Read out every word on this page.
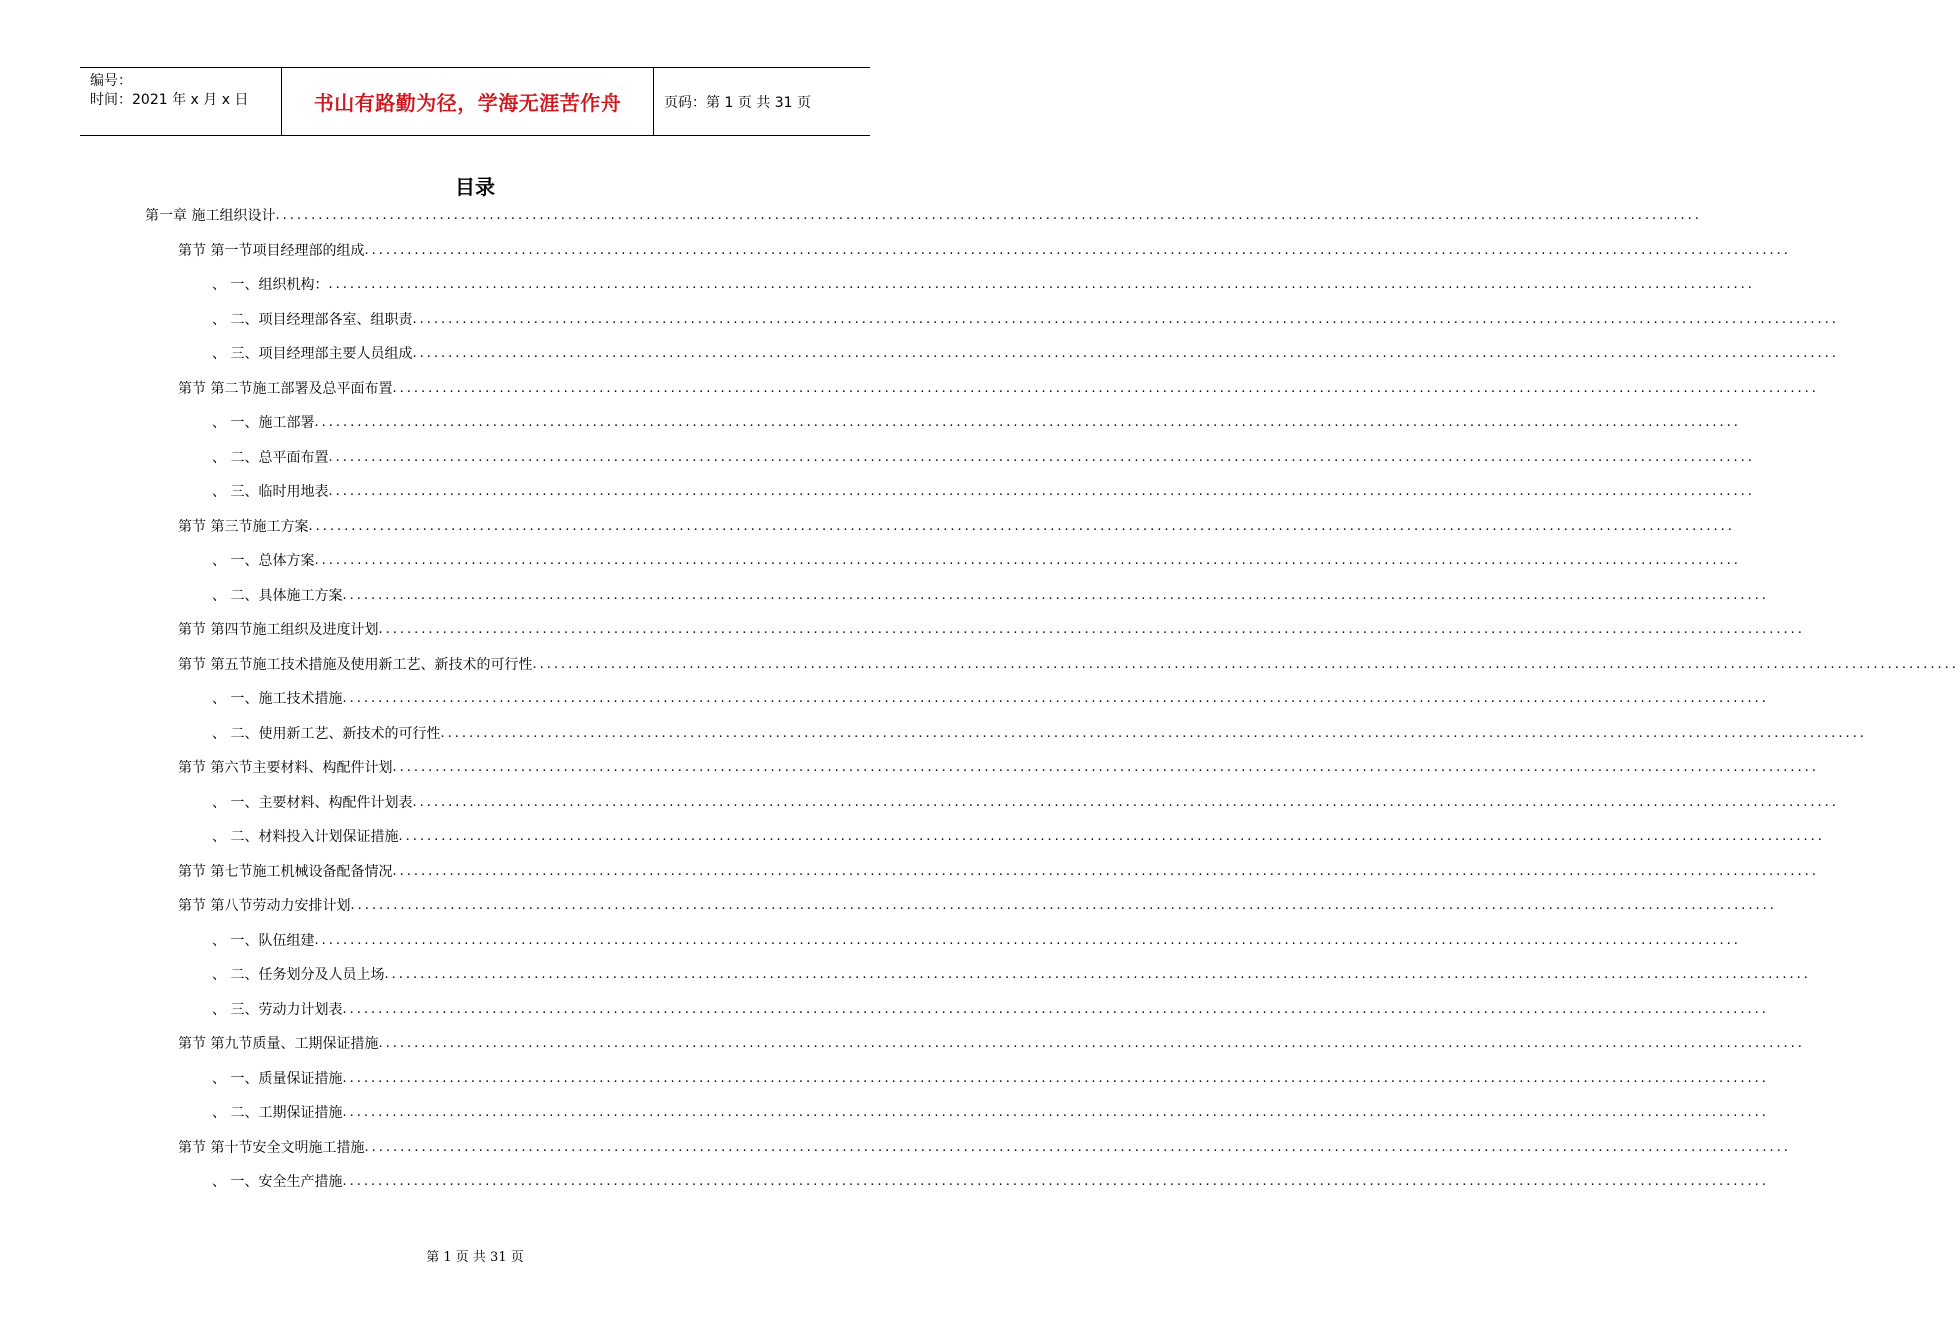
编号：
时间：2021 年 x 月 x 日	书山有路勤为径，学海无涯苦作舟	页码：第 1 页 共 31 页
目录
第一章 施工组织设计 ........................................................................................................................................................................................................
第节 第一节项目经理部的组成 ........................................................................................................................................................................................................
、 一、组织机构： ........................................................................................................................................................................................................
、 二、项目经理部各室、组职责 ........................................................................................................................................................................................................
、 三、项目经理部主要人员组成 ........................................................................................................................................................................................................
第节 第二节施工部署及总平面布置 ........................................................................................................................................................................................................
、 一、施工部署 ........................................................................................................................................................................................................
、 二、总平面布置 ........................................................................................................................................................................................................
、 三、临时用地表 ........................................................................................................................................................................................................
第节 第三节施工方案 ........................................................................................................................................................................................................
、 一、总体方案 ........................................................................................................................................................................................................
、 二、具体施工方案 ........................................................................................................................................................................................................
第节 第四节施工组织及进度计划 ........................................................................................................................................................................................................
第节 第五节施工技术措施及使用新工艺、新技术的可行性 ........................................................................................................................................................................................................
、 一、施工技术措施 ........................................................................................................................................................................................................
、 二、使用新工艺、新技术的可行性 ........................................................................................................................................................................................................
第节 第六节主要材料、构配件计划 ........................................................................................................................................................................................................
、 一、主要材料、构配件计划表 ........................................................................................................................................................................................................
、 二、材料投入计划保证措施 ........................................................................................................................................................................................................
第节 第七节施工机械设备配备情况 ........................................................................................................................................................................................................
第节 第八节劳动力安排计划 ........................................................................................................................................................................................................
、 一、队伍组建 ........................................................................................................................................................................................................
、 二、任务划分及人员上场 ........................................................................................................................................................................................................
、 三、劳动力计划表 ........................................................................................................................................................................................................
第节 第九节质量、工期保证措施 ........................................................................................................................................................................................................
、 一、质量保证措施 ........................................................................................................................................................................................................
、 二、工期保证措施 ........................................................................................................................................................................................................
第节 第十节安全文明施工措施 ........................................................................................................................................................................................................
、 一、安全生产措施 ........................................................................................................................................................................................................
第 1 页 共 31 页
